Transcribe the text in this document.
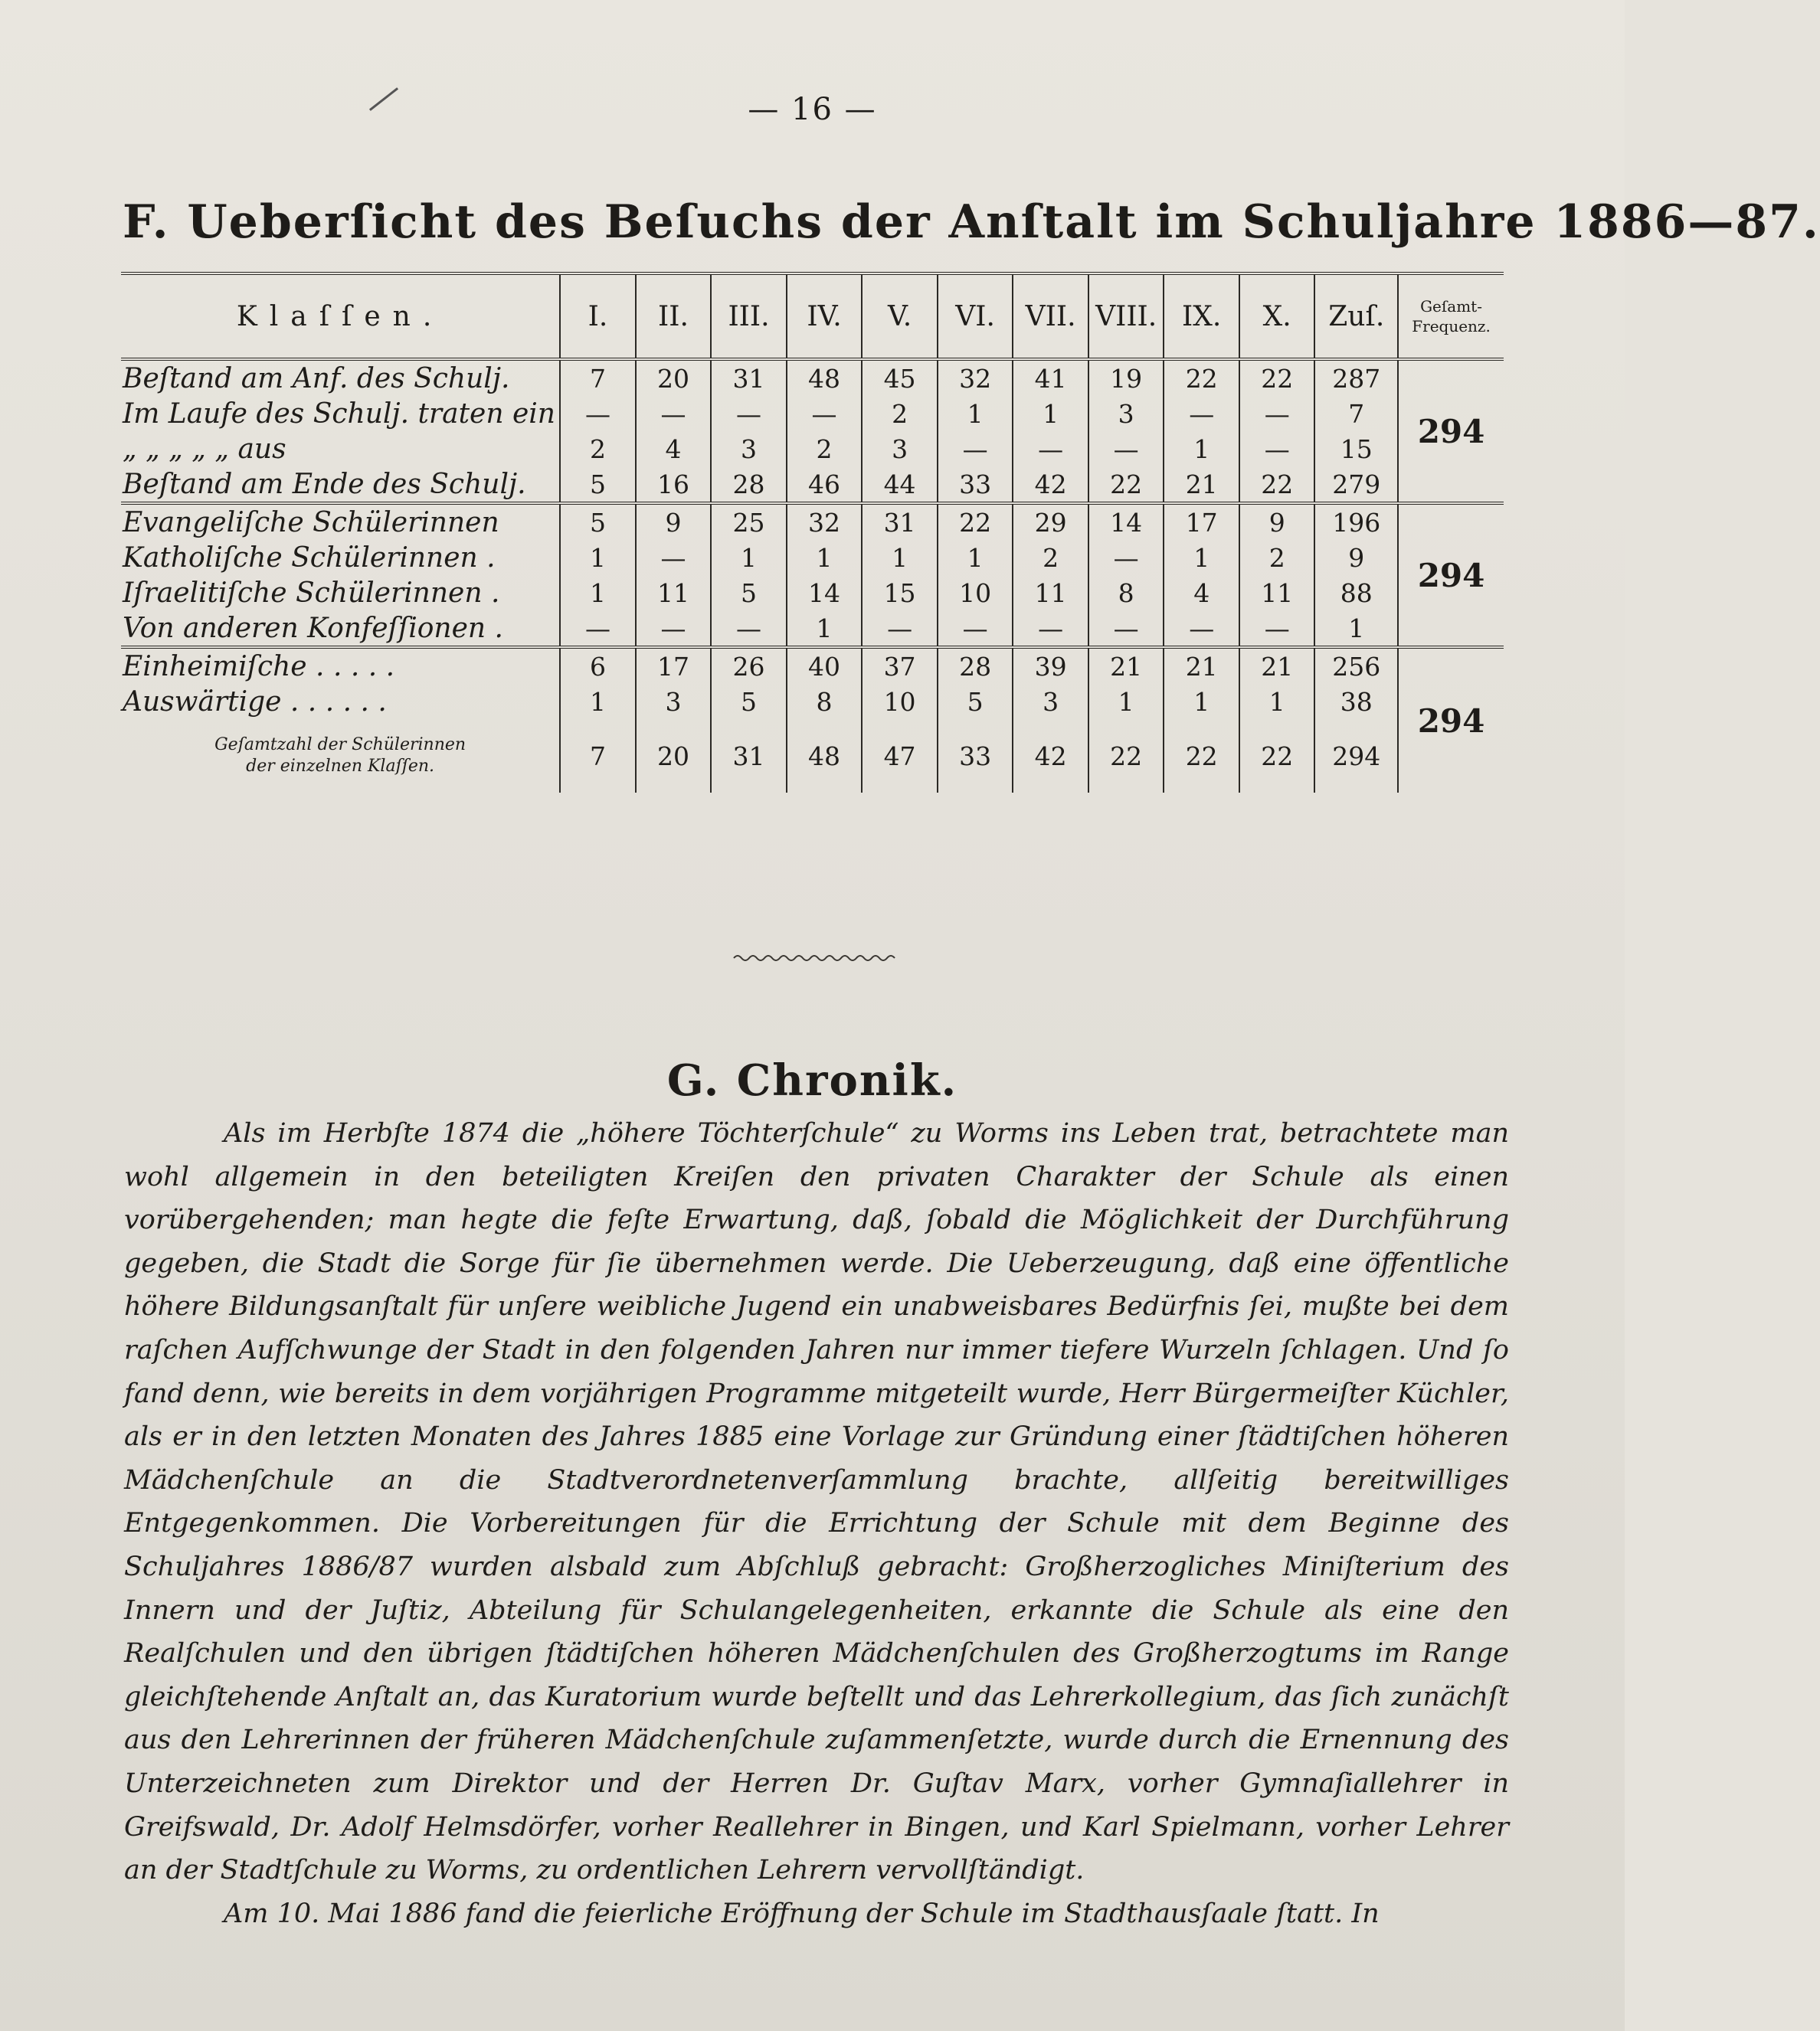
— 16 —
F. Ueberſicht des Beſuchs der Anſtalt im Schuljahre 1886—87.
Klaſſen.	I.	II.	III.	IV.	V.	VI.	VII.	VIII.	IX.	X.	Zuſ.	Geſamt-
Frequenz.
Beſtand am Anf. des Schulj.	7	20	31	48	45	32	41	19	22	22	287	294
Im Laufe des Schulj. traten ein	—	—	—	—	2	1	1	3	—	—	7	
„ „ „ „ „ aus	2	4	3	2	3	—	—	—	1	—	15	
Beſtand am Ende des Schulj.	5	16	28	46	44	33	42	22	21	22	279	
Evangeliſche Schülerinnen	5	9	25	32	31	22	29	14	17	9	196	294
Katholiſche Schülerinnen .	1	—	1	1	1	1	2	—	1	2	9	
Iſraelitiſche Schülerinnen .	1	11	5	14	15	10	11	8	4	11	88	
Von anderen Konfeſſionen .	—	—	—	1	—	—	—	—	—	—	1	
Einheimiſche . . . . .	6	17	26	40	37	28	39	21	21	21	256	294
Auswärtige . . . . . .	1	3	5	8	10	5	3	1	1	1	38	
Geſamtzahl der Schülerinnen
der einzelnen Klaſſen.	7	20	31	48	47	33	42	22	22	22	294	
G. Chronik.

Als im Herbſte 1874 die „höhere Töchterſchule“ zu Worms ins Leben trat, betrachtete man wohl allgemein in den beteiligten Kreiſen den privaten Charakter der Schule als einen vorübergehenden; man hegte die feſte Erwartung, daß, ſobald die Möglichkeit der Durchführung gegeben, die Stadt die Sorge für ſie übernehmen werde. Die Ueberzeugung, daß eine öffentliche höhere Bildungsanſtalt für unſere weibliche Jugend ein unabweisbares Bedürfnis ſei, mußte bei dem raſchen Aufſchwunge der Stadt in den folgenden Jahren nur immer tiefere Wurzeln ſchlagen. Und ſo fand denn, wie bereits in dem vorjährigen Programme mitgeteilt wurde, Herr Bürgermeiſter Küchler, als er in den letzten Monaten des Jahres 1885 eine Vorlage zur Gründung einer ſtädtiſchen höheren Mädchenſchule an die Stadtverordnetenverſammlung brachte, allſeitig bereitwilliges Entgegenkommen. Die Vorbereitungen für die Errichtung der Schule mit dem Beginne des Schuljahres 1886/87 wurden alsbald zum Abſchluß gebracht: Großherzogliches Miniſterium des Innern und der Juſtiz, Abteilung für Schulangelegenheiten, erkannte die Schule als eine den Realſchulen und den übrigen ſtädtiſchen höheren Mädchenſchulen des Großherzogtums im Range gleichſtehende Anſtalt an, das Kuratorium wurde beſtellt und das Lehrerkollegium, das ſich zunächſt aus den Lehrerinnen der früheren Mädchenſchule zuſammenſetzte, wurde durch die Ernennung des Unterzeichneten zum Direktor und der Herren Dr. Guſtav Marx, vorher Gymnaſiallehrer in Greifswald, Dr. Adolf Helmsdörfer, vorher Reallehrer in Bingen, und Karl Spielmann, vorher Lehrer an der Stadtſchule zu Worms, zu ordentlichen Lehrern vervollſtändigt.

Am 10. Mai 1886 fand die feierliche Eröffnung der Schule im Stadthausſaale ſtatt. In
